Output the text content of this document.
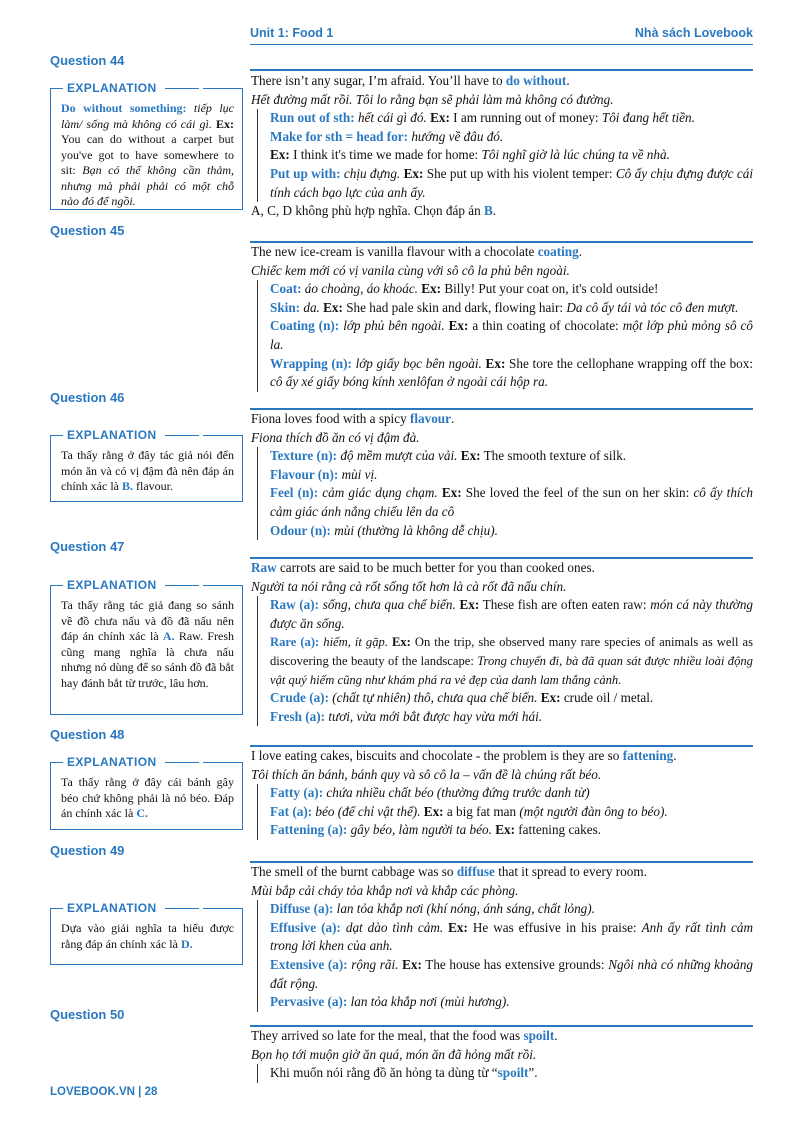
Unit 1: Food 1	Nhà sách Lovebook
Question 44
EXPLANATION
Do without something: tiếp lục làm/ sống mà không có cái gì. Ex: You can do without a carpet but you've got to have somewhere to sit: Bạn có thể không cần thảm, nhưng mà phải phải có một chỗ nào đó để ngồi.

There isn’t any sugar, I’m afraid. You’ll have to do without.

Hết đường mất rồi. Tôi lo rằng bạn sẽ phải làm mà không có đường.

Run out of sth: hết cái gì đó. Ex: I am running out of money: Tôi đang hết tiền.

Make for sth = head for: hướng về đâu đó.

Ex: I think it's time we made for home: Tôi nghĩ giờ là lúc chúng ta về nhà.

Put up with: chịu đựng. Ex: She put up with his violent temper: Cô ấy chịu đựng được cái tính cách bạo lực của anh ấy.

A, C, D không phù hợp nghĩa. Chọn đáp án B.

Question 45

The new ice-cream is vanilla flavour with a chocolate coating.

Chiếc kem mới có vị vanila cùng với sô cô la phủ bên ngoài.

Coat: áo choàng, áo khoác. Ex: Billy! Put your coat on, it's cold outside!

Skin: da. Ex: She had pale skin and dark, flowing hair: Da cô ấy tái và tóc cô đen mượt.

Coating (n): lớp phủ bên ngoài. Ex: a thin coating of chocolate: một lớp phủ mỏng sô cô la.

Wrapping (n): lớp giấy bọc bên ngoài. Ex: She tore the cellophane wrapping off the box: cô ấy xé giấy bóng kính xenlôfan ở ngoài cái hộp ra.

Question 46
EXPLANATION
Ta thấy rằng ở đây tác giả nói đến món ăn và có vị đậm đà nên đáp án chính xác là B. flavour.

Fiona loves food with a spicy flavour.

Fiona thích đồ ăn có vị đậm đà.

Texture (n): độ mềm mượt của vải. Ex: The smooth texture of silk.

Flavour (n): mùi vị.

Feel (n): cảm giác dụng chạm. Ex: She loved the feel of the sun on her skin: cô ấy thích cảm giác ánh nắng chiếu lên da cô

Odour (n): mùi (thường là không dễ chịu).

Question 47
EXPLANATION
Ta thấy rằng tác giả đang so sánh về đồ chưa nấu và đồ đã nấu nên đáp án chính xác là A. Raw. Fresh cũng mang nghĩa là chưa nấu nhưng nó dùng để so sánh đồ đã bắt hay đánh bắt từ trước, lâu hơn.

Raw carrots are said to be much better for you than cooked ones.

Người ta nói rằng cà rốt sống tốt hơn là cà rốt đã nấu chín.

Raw (a): sống, chưa qua chế biến. Ex: These fish are often eaten raw: món cá này thường được ăn sống.

Rare (a): hiếm, ít gặp. Ex: On the trip, she observed many rare species of animals as well as discovering the beauty of the landscape: Trong chuyến đi, bà đã quan sát được nhiều loài động vật quý hiếm cũng như khám phá ra vẻ đẹp của danh lam thắng cảnh.

Crude (a): (chất tự nhiên) thô, chưa qua chế biến. Ex: crude oil / metal.

Fresh (a): tươi, vừa mới bắt được hay vừa mới hái.

Question 48
EXPLANATION
Ta thấy rằng ở đây cái bánh gây béo chứ không phải là nó béo. Đáp án chính xác là C.

I love eating cakes, biscuits and chocolate - the problem is they are so fattening.

Tôi thích ăn bánh, bánh quy và sô cô la – vấn đề là chúng rất béo.

Fatty (a): chứa nhiều chất béo (thường đứng trước danh từ)

Fat (a): béo (để chỉ vật thể). Ex: a big fat man (một người đàn ông to béo).

Fattening (a): gây béo, làm người ta béo. Ex: fattening cakes.

Question 49
EXPLANATION
Dựa vào giải nghĩa ta hiểu được rằng đáp án chính xác là D.

The smell of the burnt cabbage was so diffuse that it spread to every room.

Mùi bắp cải cháy tỏa khắp nơi và khắp các phòng.

Diffuse (a): lan tỏa khắp nơi (khí nóng, ánh sáng, chất lỏng).

Effusive (a): dạt dào tình cảm. Ex: He was effusive in his praise: Anh ấy rất tình cảm trong lời khen của anh.

Extensive (a): rộng rãi. Ex: The house has extensive grounds: Ngôi nhà có những khoảng đất rộng.

Pervasive (a): lan tỏa khắp nơi (mùi hương).

Question 50

They arrived so late for the meal, that the food was spoilt.

Bọn họ tới muộn giờ ăn quá, món ăn đã hỏng mất rồi.

Khi muốn nói rằng đồ ăn hỏng ta dùng từ “spoilt”.

LOVEBOOK.VN | 28
